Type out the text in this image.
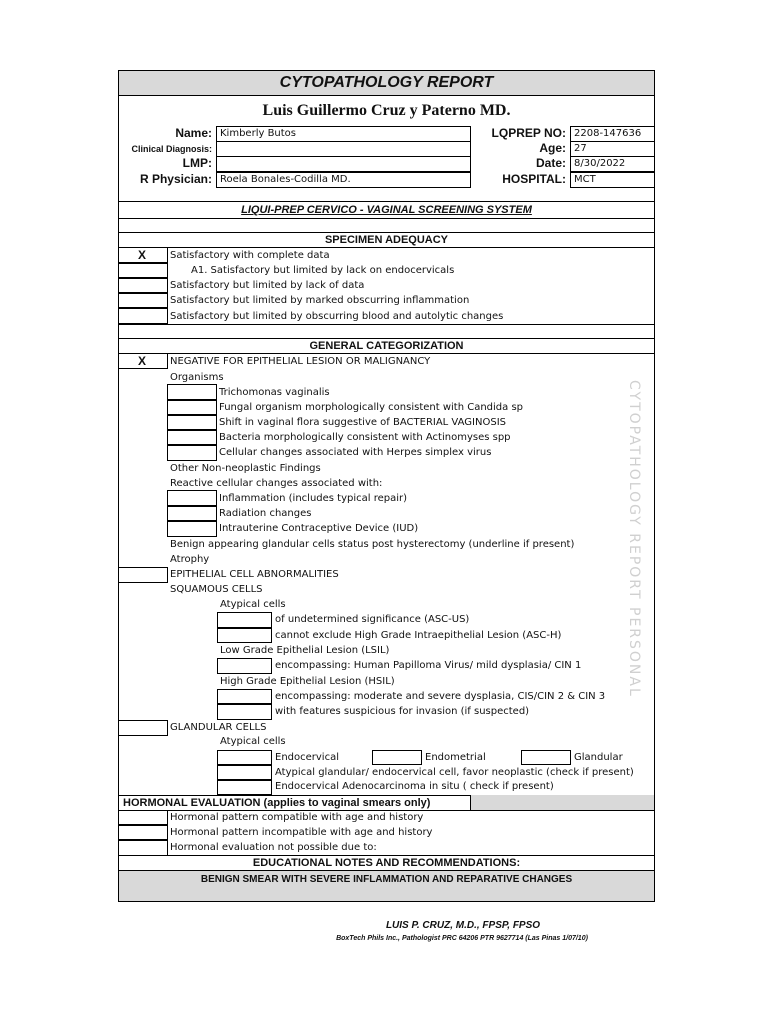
CYTOPATHOLOGY REPORT
Luis Guillermo Cruz y Paterno MD.
Name: Kimberly Butos
Clinical Diagnosis:
LMP:
R Physician: Roela Bonales-Codilla MD.
LQPREP NO: 2208-147636
Age: 27
Date: 8/30/2022
HOSPITAL: MCT
LIQUI-PREP CERVICO - VAGINAL SCREENING SYSTEM
SPECIMEN ADEQUACY
X Satisfactory with complete data
A1. Satisfactory but limited by lack on endocervicals
Satisfactory but limited by lack of data
Satisfactory but limited by marked obscurring inflammation
Satisfactory but limited by obscurring blood and autolytic changes
GENERAL CATEGORIZATION
X NEGATIVE FOR EPITHELIAL LESION OR MALIGNANCY
Organisms
Trichomonas vaginalis
Fungal organism morphologically consistent with Candida sp
Shift in vaginal flora suggestive of BACTERIAL VAGINOSIS
Bacteria morphologically consistent with Actinomyses spp
Cellular changes associated with Herpes simplex virus
Other Non-neoplastic Findings
Reactive cellular changes associated with:
Inflammation (includes typical repair)
Radiation changes
Intrauterine Contraceptive Device (IUD)
Benign appearing glandular cells status post hysterectomy (underline if present)
Atrophy
EPITHELIAL CELL ABNORMALITIES
SQUAMOUS CELLS
Atypical cells
of undetermined significance (ASC-US)
cannot exclude High Grade Intraepithelial Lesion (ASC-H)
Low Grade Epithelial Lesion (LSIL)
encompassing: Human Papilloma Virus/ mild dysplasia/ CIN 1
High Grade Epithelial Lesion (HSIL)
encompassing: moderate and severe dysplasia, CIS/CIN 2 & CIN 3
with features suspicious for invasion (if suspected)
GLANDULAR CELLS
Atypical cells
Endocervical	Endometrial	Glandular
Atypical glandular/ endocervical cell, favor neoplastic (check if present)
Endocervical Adenocarcinoma in situ ( check if present)
HORMONAL EVALUATION (applies to vaginal smears only)
Hormonal pattern compatible with age and history
Hormonal pattern incompatible with age and history
Hormonal evaluation not possible due to:
EDUCATIONAL NOTES AND RECOMMENDATIONS:
BENIGN SMEAR WITH SEVERE INFLAMMATION AND REPARATIVE CHANGES
CYTOPATHOLOGY REPORT PERSONAL
LUIS P. CRUZ, M.D., FPSP, FPSO
BoxTech Phils Inc., Pathologist PRC 64206 PTR 9627714 (Las Pinas 1/07/10)
